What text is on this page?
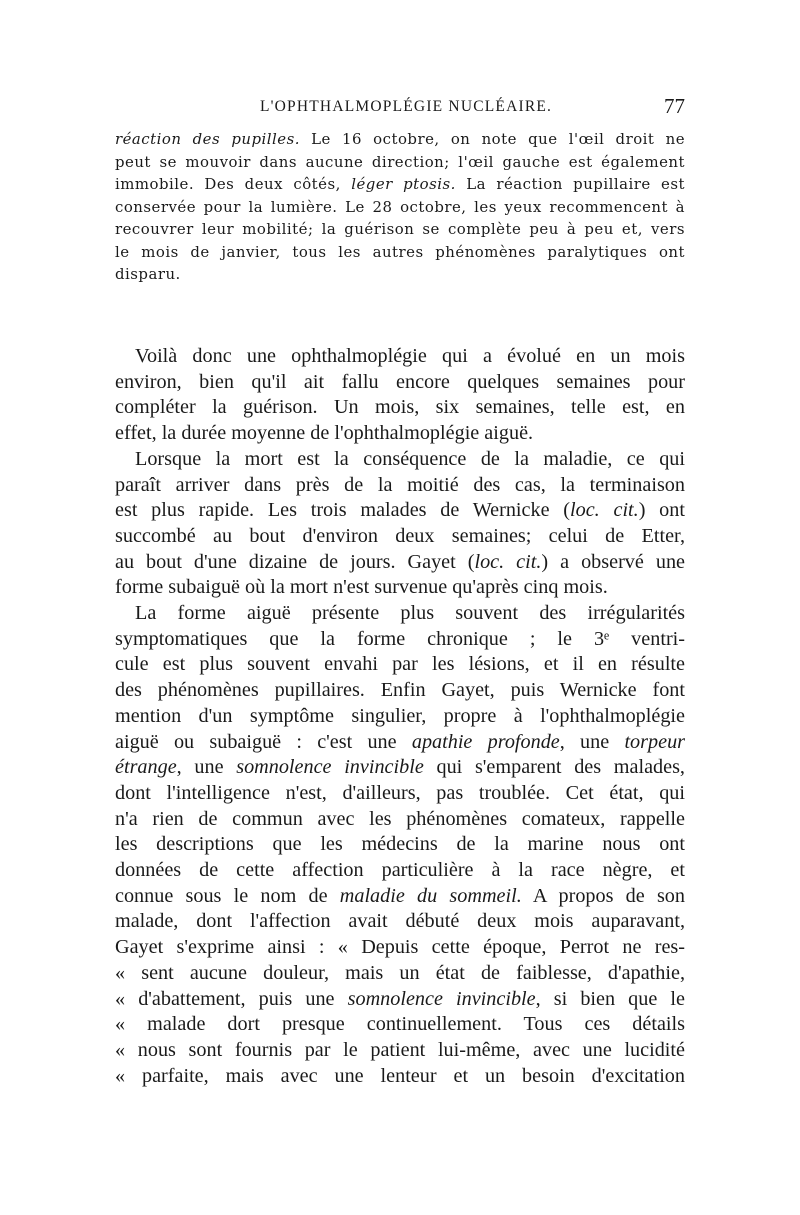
L'OPHTHALMOPLÉGIE NUCLÉAIRE.	77
réaction des pupilles. Le 16 octobre, on note que l'œil droit ne
peut se mouvoir dans aucune direction; l'œil gauche est également
immobile. Des deux côtés, léger ptosis. La réaction pupillaire est
conservée pour la lumière. Le 28 octobre, les yeux recommencent à
recouvrer leur mobilité; la guérison se complète peu à peu et, vers
le mois de janvier, tous les autres phénomènes paralytiques ont
disparu.
Voilà donc une ophthalmoplégie qui a évolué en un mois
environ, bien qu'il ait fallu encore quelques semaines pour
compléter la guérison. Un mois, six semaines, telle est, en
effet, la durée moyenne de l'ophthalmoplégie aiguë.
Lorsque la mort est la conséquence de la maladie, ce qui
paraît arriver dans près de la moitié des cas, la terminaison
est plus rapide. Les trois malades de Wernicke (loc. cit.) ont
succombé au bout d'environ deux semaines; celui de Etter,
au bout d'une dizaine de jours. Gayet (loc. cit.) a observé une
forme subaiguë où la mort n'est survenue qu'après cinq mois.
La forme aiguë présente plus souvent des irrégularités
symptomatiques que la forme chronique ; le 3ᵉ ventri-
cule est plus souvent envahi par les lésions, et il en résulte
des phénomènes pupillaires. Enfin Gayet, puis Wernicke font
mention d'un symptôme singulier, propre à l'ophthalmoplégie
aiguë ou subaiguë : c'est une apathie profonde, une torpeur
étrange, une somnolence invincible qui s'emparent des malades,
dont l'intelligence n'est, d'ailleurs, pas troublée. Cet état, qui
n'a rien de commun avec les phénomènes comateux, rappelle
les descriptions que les médecins de la marine nous ont
données de cette affection particulière à la race nègre, et
connue sous le nom de maladie du sommeil. A propos de son
malade, dont l'affection avait débuté deux mois auparavant,
Gayet s'exprime ainsi : « Depuis cette époque, Perrot ne res-
« sent aucune douleur, mais un état de faiblesse, d'apathie,
« d'abattement, puis une somnolence invincible, si bien que le
« malade dort presque continuellement. Tous ces détails
« nous sont fournis par le patient lui-même, avec une lucidité
« parfaite, mais avec une lenteur et un besoin d'excitation
